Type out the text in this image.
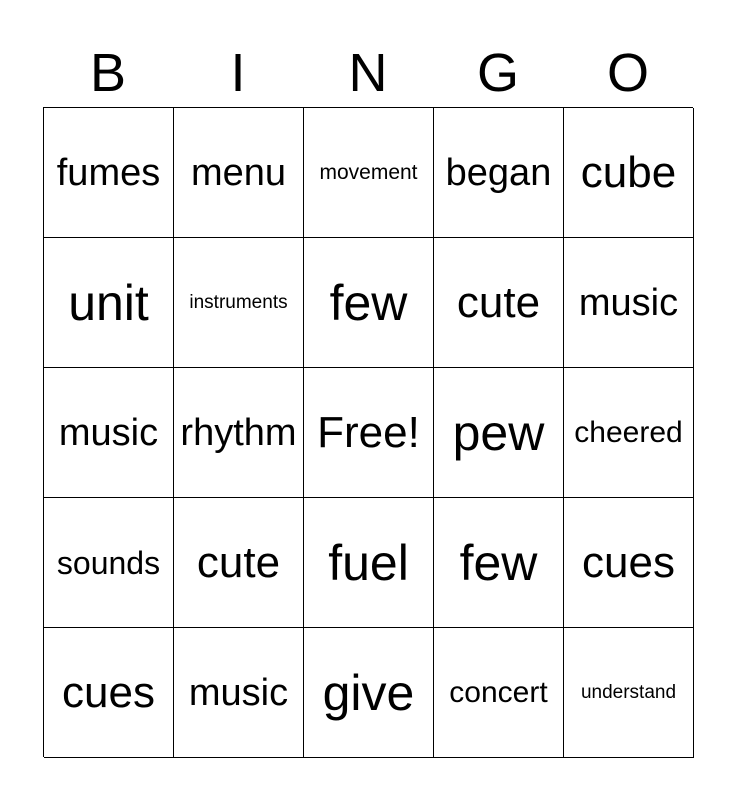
B	I	N	G	O
fumes menu	movement began cube
unit	instruments few	cute	music
music rhythm Free! pew cheered
sounds cute fuel	few	cues
cues music give	concert	understand
